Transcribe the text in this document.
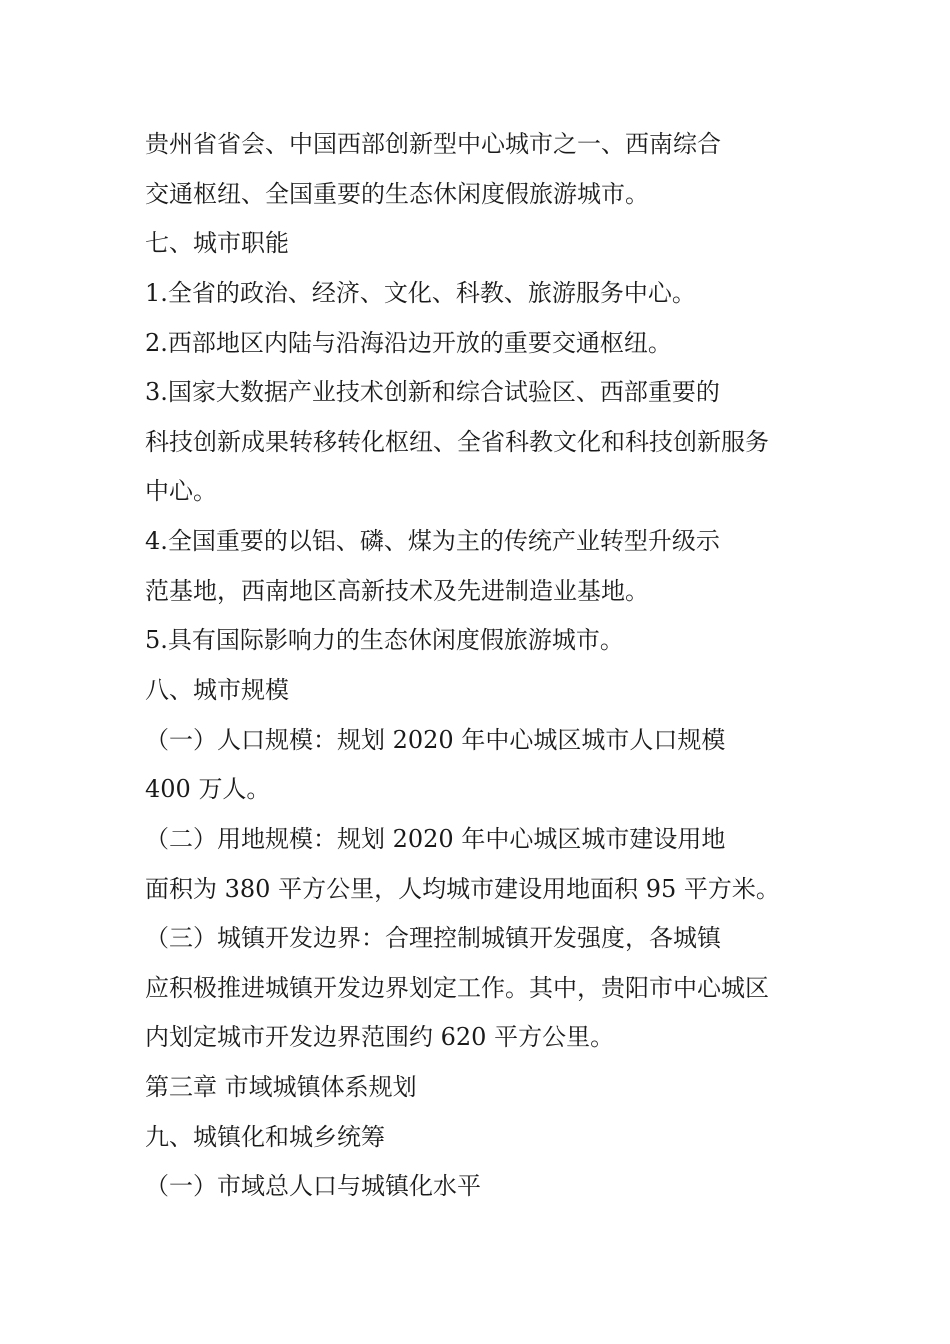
贵州省省会、中国西部创新型中心城市之一、西南综合
交通枢纽、全国重要的生态休闲度假旅游城市。
七、城市职能
1.全省的政治、经济、文化、科教、旅游服务中心。
2.西部地区内陆与沿海沿边开放的重要交通枢纽。
3.国家大数据产业技术创新和综合试验区、西部重要的
科技创新成果转移转化枢纽、全省科教文化和科技创新服务
中心。
4.全国重要的以铝、磷、煤为主的传统产业转型升级示
范基地，西南地区高新技术及先进制造业基地。
5.具有国际影响力的生态休闲度假旅游城市。
八、城市规模
（一）人口规模：规划 2020 年中心城区城市人口规模
400 万人。
（二）用地规模：规划 2020 年中心城区城市建设用地
面积为 380 平方公里，人均城市建设用地面积 95 平方米。
（三）城镇开发边界：合理控制城镇开发强度，各城镇
应积极推进城镇开发边界划定工作。其中，贵阳市中心城区
内划定城市开发边界范围约 620 平方公里。
第三章 市域城镇体系规划
九、城镇化和城乡统筹
（一）市域总人口与城镇化水平
